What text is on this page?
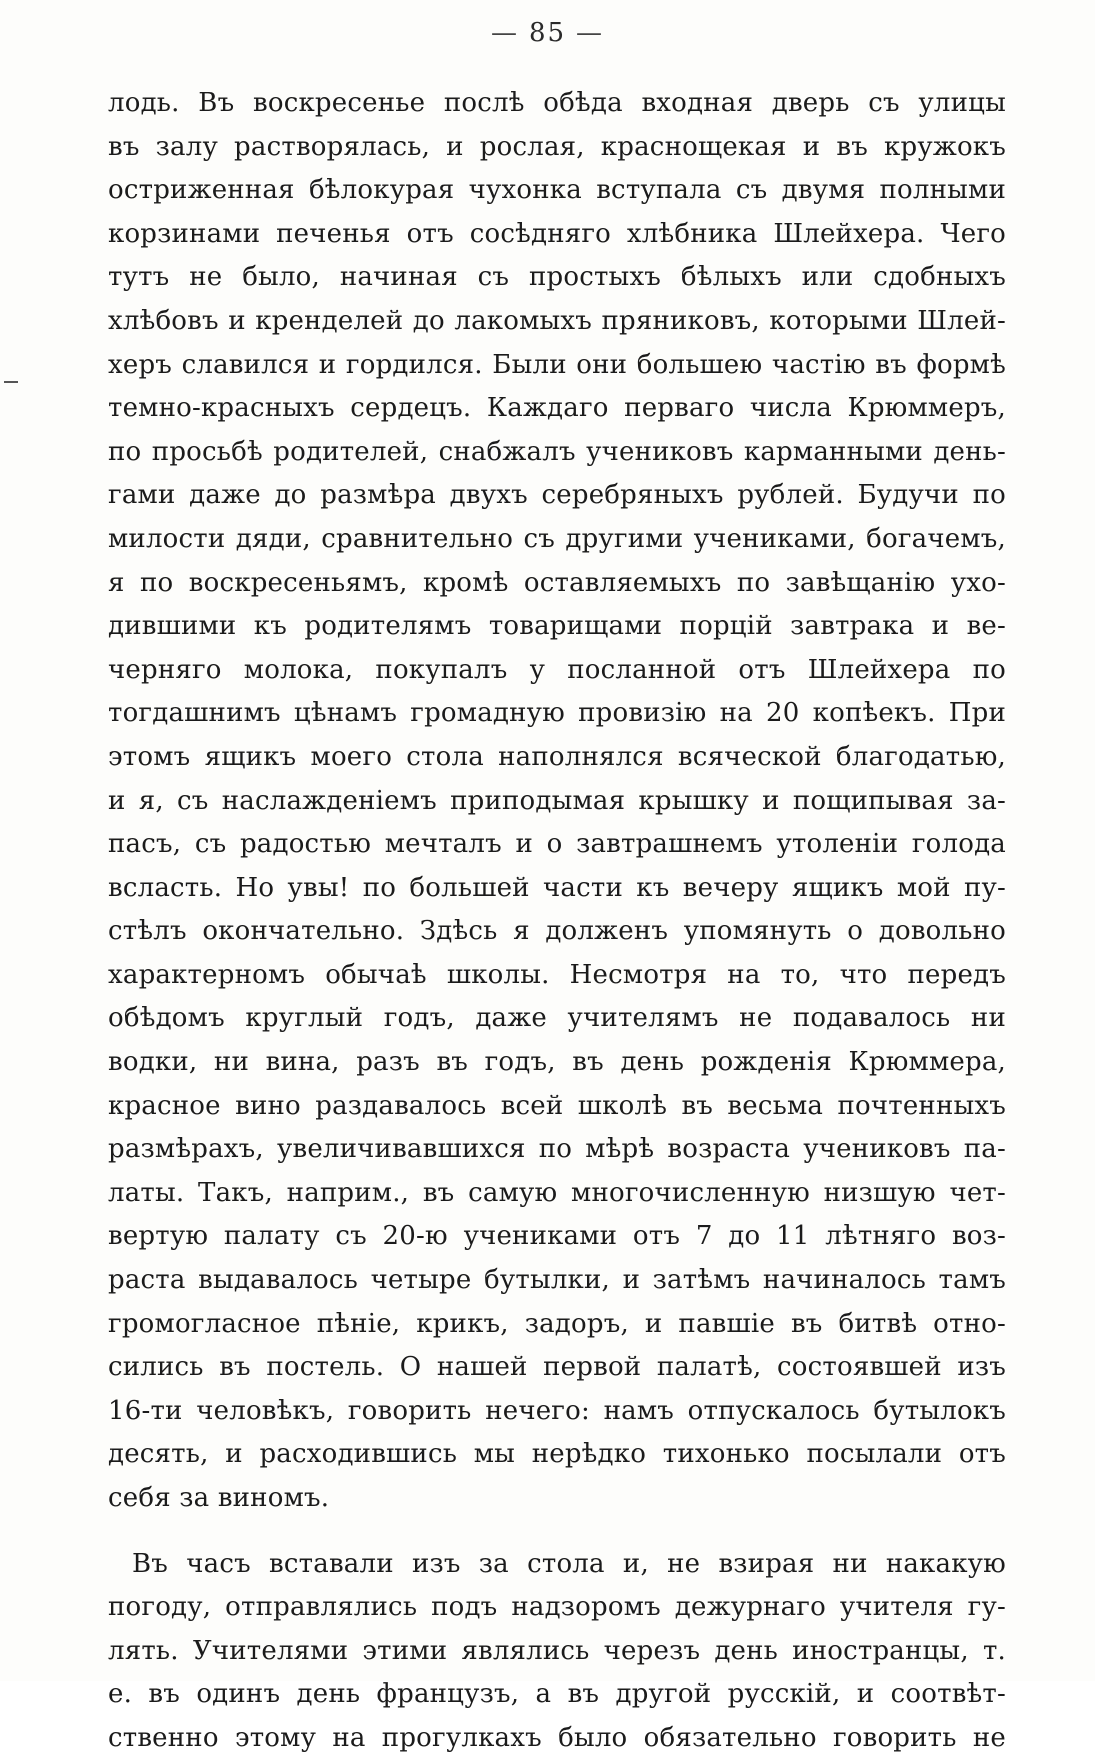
— 85 —
лодь. Въ воскресенье послѣ обѣда входная дверь съ улицы
въ залу растворялась, и рослая, краснощекая и въ кружокъ
остриженная бѣлокурая чухонка вступала съ двумя полными
корзинами печенья отъ сосѣдняго хлѣбника Шлейхера. Чего
тутъ не было, начиная съ простыхъ бѣлыхъ или сдобныхъ
хлѣбовъ и кренделей до лакомыхъ пряниковъ, которыми Шлей-
херъ славился и гордился. Были они большею частію въ формѣ
темно-красныхъ сердецъ. Каждаго перваго числа Крюммеръ,
по просьбѣ родителей, снабжалъ учениковъ карманными день-
гами даже до размѣра двухъ серебряныхъ рублей. Будучи по
милости дяди, сравнительно съ другими учениками, богачемъ,
я по воскресеньямъ, кромѣ оставляемыхъ по завѣщанію ухо-
дившими къ родителямъ товарищами порцій завтрака и ве-
черняго молока, покупалъ у посланной отъ Шлейхера по
тогдашнимъ цѣнамъ громадную провизію на 20 копѣекъ. При
этомъ ящикъ моего стола наполнялся всяческой благодатью,
и я, съ наслажденіемъ приподымая крышку и пощипывая за-
пасъ, съ радостью мечталъ и о завтрашнемъ утоленіи голода
всласть. Но увы! по большей части къ вечеру ящикъ мой пу-
стѣлъ окончательно. Здѣсь я долженъ упомянуть о довольно
характерномъ обычаѣ школы. Несмотря на то, что передъ
обѣдомъ круглый годъ, даже учителямъ не подавалось ни
водки, ни вина, разъ въ годъ, въ день рожденія Крюммера,
красное вино раздавалось всей школѣ въ весьма почтенныхъ
размѣрахъ, увеличивавшихся по мѣрѣ возраста учениковъ па-
латы. Такъ, наприм., въ самую многочисленную низшую чет-
вертую палату съ 20-ю учениками отъ 7 до 11 лѣтняго воз-
раста выдавалось четыре бутылки, и затѣмъ начиналось тамъ
громогласное пѣніе, крикъ, задоръ, и павшіе въ битвѣ отно-
сились въ постель. О нашей первой палатѣ, состоявшей изъ
16-ти человѣкъ, говорить нечего: намъ отпускалось бутылокъ
десять, и расходившись мы нерѣдко тихонько посылали отъ
себя за виномъ.
Въ часъ вставали изъ за стола и, не взирая ни накакую
погоду, отправлялись подъ надзоромъ дежурнаго учителя гу-
лять. Учителями этими являлись черезъ день иностранцы, т.
е. въ одинъ день французъ, а въ другой русскій, и соотвѣт-
ственно этому на прогулкахъ было обязательно говорить не
